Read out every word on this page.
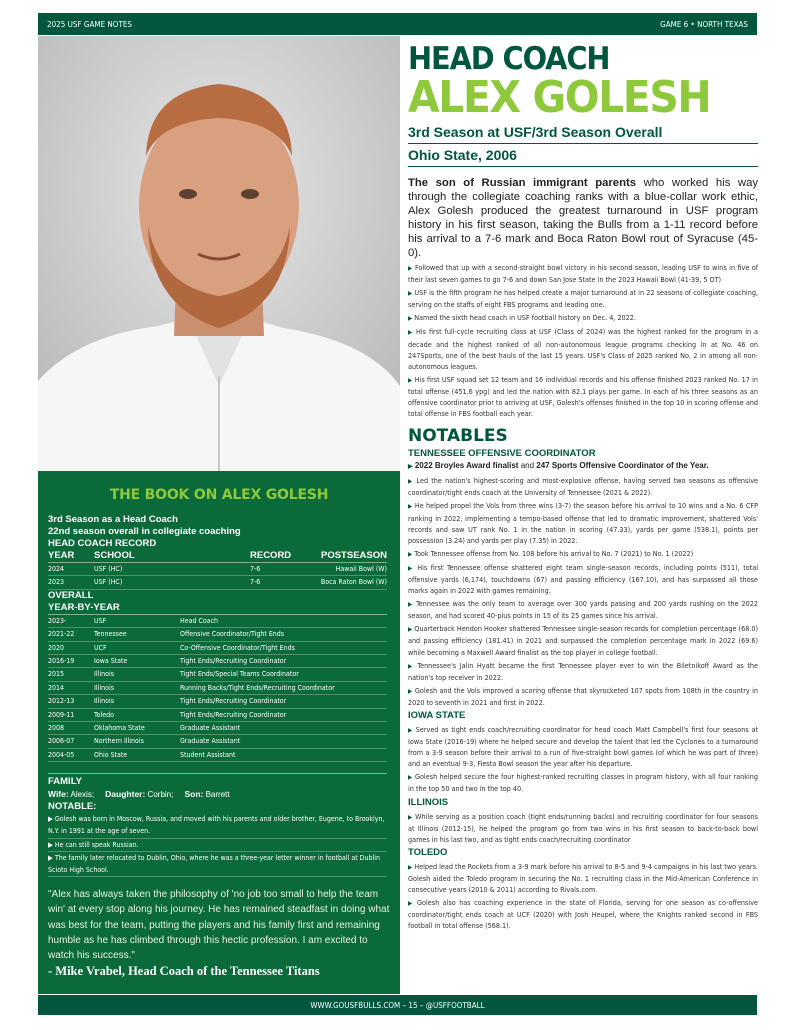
2025 USF GAME NOTES	GAME 6 • NORTH TEXAS
THE BOOK ON ALEX GOLESH
3rd Season as a Head Coach
22nd season overall in collegiate coaching
HEAD COACH RECORD
YEAR	SCHOOL	RECORD	POSTSEASON
2024	USF (HC)	7-6	Hawaii Bowl (W)
2023	USF (HC)	7-6	Boca Raton Bowl (W)
OVERALL
YEAR-BY-YEAR
2023-	USF	Head Coach
2021-22	Tennessee	Offensive Coordinator/Tight Ends
2020	UCF	Co-Offensive Coordinator/Tight Ends
2016-19	Iowa State	Tight Ends/Recruiting Coordinator
2015	Illinois	Tight Ends/Special Teams Coordinator
2014	Illinois	Running Backs/Tight Ends/Recruiting Coordinator
2012-13	Illinois	Tight Ends/Recruiting Coordinator
2009-11	Toledo	Tight Ends/Recruiting Coordinator
2008	Oklahoma State	Graduate Assistant
2006-07	Northern Illinois	Graduate Assistant
2004-05	Ohio State	Student Assistant
FAMILY
Wife: Alexis; Daughter: Corbin; Son: Barrett
NOTABLE:
▶ Golesh was born in Moscow, Russia, and moved with his parents and older brother, Eugene, to Brooklyn, N.Y. in 1991 at the age of seven.
▶ He can still speak Russian.
▶ The family later relocated to Dublin, Ohio, where he was a three-year letter winner in football at Dublin Scioto High School.
"Alex has always taken the philosophy of 'no job too small to help the team win' at every stop along his journey. He has remained steadfast in doing what was best for the team, putting the players and his family first and remaining humble as he has climbed through this hectic profession. I am excited to watch his success."
- Mike Vrabel, Head Coach of the Tennessee Titans
HEAD COACH
ALEX GOLESH
3rd Season at USF/3rd Season Overall
Ohio State, 2006
The son of Russian immigrant parents who worked his way through the collegiate coaching ranks with a blue-collar work ethic, Alex Golesh produced the greatest turnaround in USF program history in his first season, taking the Bulls from a 1-11 record before his arrival to a 7-6 mark and Boca Raton Bowl rout of Syracuse (45-0).
▶ Followed that up with a second-straight bowl victory in his second season, leading USF to wins in five of their last seven games to go 7-6 and down San Jose State in the 2023 Hawaii Bowl (41-39, 5 OT)
▶ USF is the fifth program he has helped create a major turnaround at in 22 seasons of collegiate coaching, serving on the staffs of eight FBS programs and leading one.
▶ Named the sixth head coach in USF football history on Dec. 4, 2022.
▶ His first full-cycle recruiting class at USF (Class of 2024) was the highest ranked for the program in a decade and the highest ranked of all non-autonomous league programs checking in at No. 46 on 247Sports, one of the best hauls of the last 15 years. USF's Class of 2025 ranked No. 2 in among all non-autonomous leagues.
▶ His first USF squad set 12 team and 16 individual records and his offense finished 2023 ranked No. 17 in total offense (451.6 ypg) and led the nation with 82.1 plays per game. In each of his three seasons as an offensive coordinator prior to arriving at USF, Golesh's offenses finished in the top 10 in scoring offense and total offense in FBS football each year.
NOTABLES
TENNESSEE OFFENSIVE COORDINATOR
▶ 2022 Broyles Award finalist and 247 Sports Offensive Coordinator of the Year.
▶ Led the nation's highest-scoring and most-explosive offense, having served two seasons as offensive coordinator/tight ends coach at the University of Tennessee (2021 & 2022).
▶ He helped propel the Vols from three wins (3-7) the season before his arrival to 10 wins and a No. 6 CFP ranking in 2022, implementing a tempo-based offense that led to dramatic improvement, shattered Vols' records and saw UT rank No. 1 in the nation in scoring (47.33), yards per game (538.1), points per possession (3.24) and yards per play (7.35) in 2022.
▶ Took Tennessee offense from No. 108 before his arrival to No. 7 (2021) to No. 1 (2022)
▶ His first Tennessee offense shattered eight team single-season records, including points (511), total offensive yards (6,174), touchdowns (67) and passing efficiency (167.10), and has surpassed all those marks again in 2022 with games remaining.
▶ Tennessee was the only team to average over 300 yards passing and 200 yards rushing on the 2022 season, and had scored 40-plus points in 15 of its 25 games since his arrival.
▶ Quarterback Hendon Hooker shattered Tennessee single-season records for completion percentage (68.0) and passing efficiency (181.41) in 2021 and surpassed the completion percentage mark in 2022 (69.6) while becoming a Maxwell Award finalist as the top player in college football.
▶ Tennessee's Jalin Hyatt became the first Tennessee player ever to win the Biletnikoff Award as the nation's top receiver in 2022.
▶ Golesh and the Vols improved a scoring offense that skyrocketed 107 spots from 108th in the country in 2020 to seventh in 2021 and first in 2022.
IOWA STATE
▶ Served as tight ends coach/recruiting coordinator for head coach Matt Campbell's first four seasons at Iowa State (2016-19) where he helped secure and develop the talent that led the Cyclones to a turnaround from a 3-9 season before their arrival to a run of five-straight bowl games (of which he was part of three) and an eventual 9-3, Fiesta Bowl season the year after his departure.
▶ Golesh helped secure the four highest-ranked recruiting classes in program history, with all four ranking in the top 50 and two in the top 40.
ILLINOIS
▶ While serving as a position coach (tight ends/running backs) and recruiting coordinator for four seasons at Illinois (2012-15), he helped the program go from two wins in his first season to back-to-back bowl games in his last two, and as tight ends coach/recruiting coordinator
TOLEDO
▶ Helped lead the Rockets from a 3-9 mark before his arrival to 8-5 and 9-4 campaigns in his last two years. Golesh aided the Toledo program in securing the No. 1 recruiting class in the Mid-American Conference in consecutive years (2010 & 2011) according to Rivals.com.
▶ Golesh also has coaching experience in the state of Florida, serving for one season as co-offensive coordinator/tight ends coach at UCF (2020) with Josh Heupel, where the Knights ranked second in FBS football in total offense (568.1).
WWW.GOUSFBULLS.COM – 15 – @USFFOOTBALL
